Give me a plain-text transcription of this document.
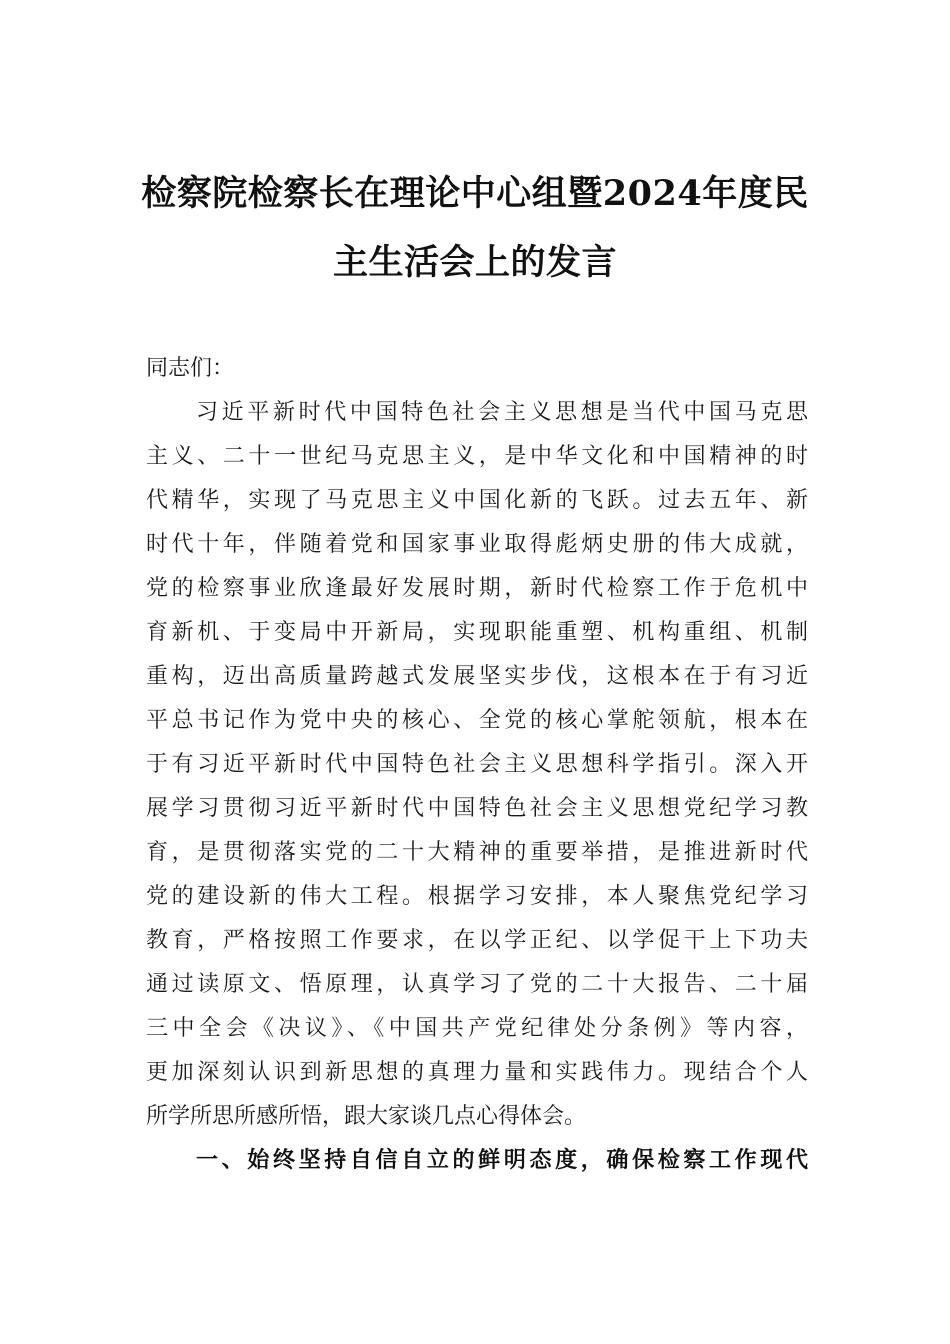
检察院检察长在理论中心组暨2024年度民
主生活会上的发言
同志们：
习近平新时代中国特色社会主义思想是当代中国马克思
主义、二十一世纪马克思主义，是中华文化和中国精神的时
代精华，实现了马克思主义中国化新的飞跃。过去五年、新
时代十年，伴随着党和国家事业取得彪炳史册的伟大成就，
党的检察事业欣逢最好发展时期，新时代检察工作于危机中
育新机、于变局中开新局，实现职能重塑、机构重组、机制
重构，迈出高质量跨越式发展坚实步伐，这根本在于有习近
平总书记作为党中央的核心、全党的核心掌舵领航，根本在
于有习近平新时代中国特色社会主义思想科学指引。深入开
展学习贯彻习近平新时代中国特色社会主义思想党纪学习教
育，是贯彻落实党的二十大精神的重要举措，是推进新时代
党的建设新的伟大工程。根据学习安排，本人聚焦党纪学习
教育，严格按照工作要求，在以学正纪、以学促干上下功夫
通过读原文、悟原理，认真学习了党的二十大报告、二十届
三中全会《决议》、《中国共产党纪律处分条例》等内容，
更加深刻认识到新思想的真理力量和实践伟力。现结合个人
所学所思所感所悟，跟大家谈几点心得体会。
一、始终坚持自信自立的鲜明态度，确保检察工作现代
